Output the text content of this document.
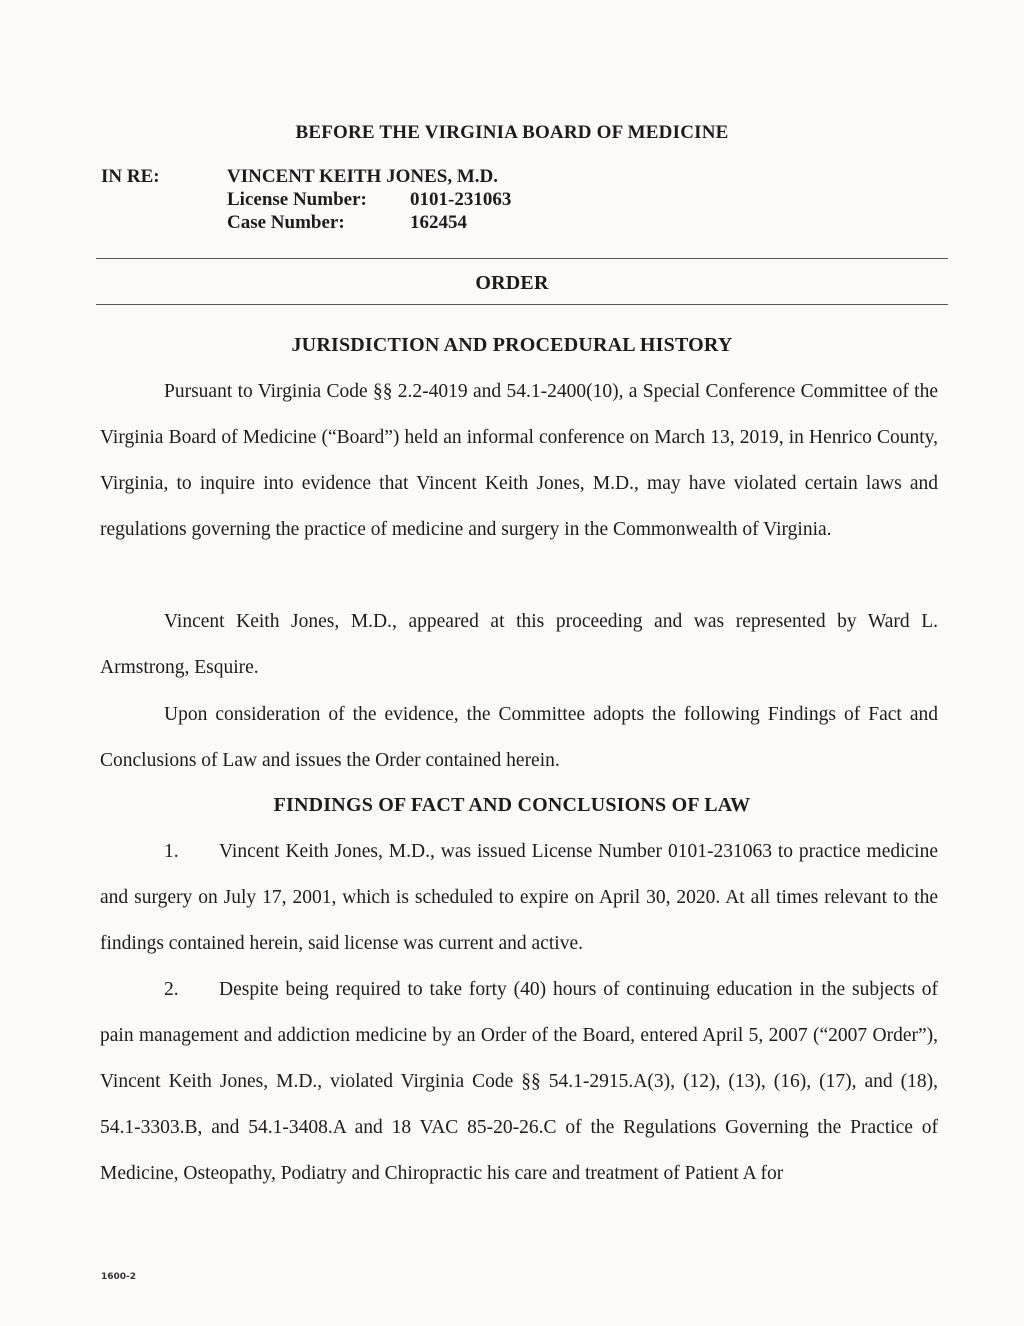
BEFORE THE VIRGINIA BOARD OF MEDICINE
IN RE:	VINCENT KEITH JONES, M.D.
License Number: 0101-231063
Case Number:	162454
ORDER
JURISDICTION AND PROCEDURAL HISTORY
Pursuant to Virginia Code §§ 2.2-4019 and 54.1-2400(10), a Special Conference Committee of the Virginia Board of Medicine (“Board”) held an informal conference on March 13, 2019, in Henrico County, Virginia, to inquire into evidence that Vincent Keith Jones, M.D., may have violated certain laws and regulations governing the practice of medicine and surgery in the Commonwealth of Virginia.
Vincent Keith Jones, M.D., appeared at this proceeding and was represented by Ward L. Armstrong, Esquire.
Upon consideration of the evidence, the Committee adopts the following Findings of Fact and Conclusions of Law and issues the Order contained herein.
FINDINGS OF FACT AND CONCLUSIONS OF LAW
1. Vincent Keith Jones, M.D., was issued License Number 0101-231063 to practice medicine and surgery on July 17, 2001, which is scheduled to expire on April 30, 2020. At all times relevant to the findings contained herein, said license was current and active.
2. Despite being required to take forty (40) hours of continuing education in the subjects of pain management and addiction medicine by an Order of the Board, entered April 5, 2007 (“2007 Order”), Vincent Keith Jones, M.D., violated Virginia Code §§ 54.1-2915.A(3), (12), (13), (16), (17), and (18), 54.1-3303.B, and 54.1-3408.A and 18 VAC 85-20-26.C of the Regulations Governing the Practice of Medicine, Osteopathy, Podiatry and Chiropractic his care and treatment of Patient A for
1600-2
